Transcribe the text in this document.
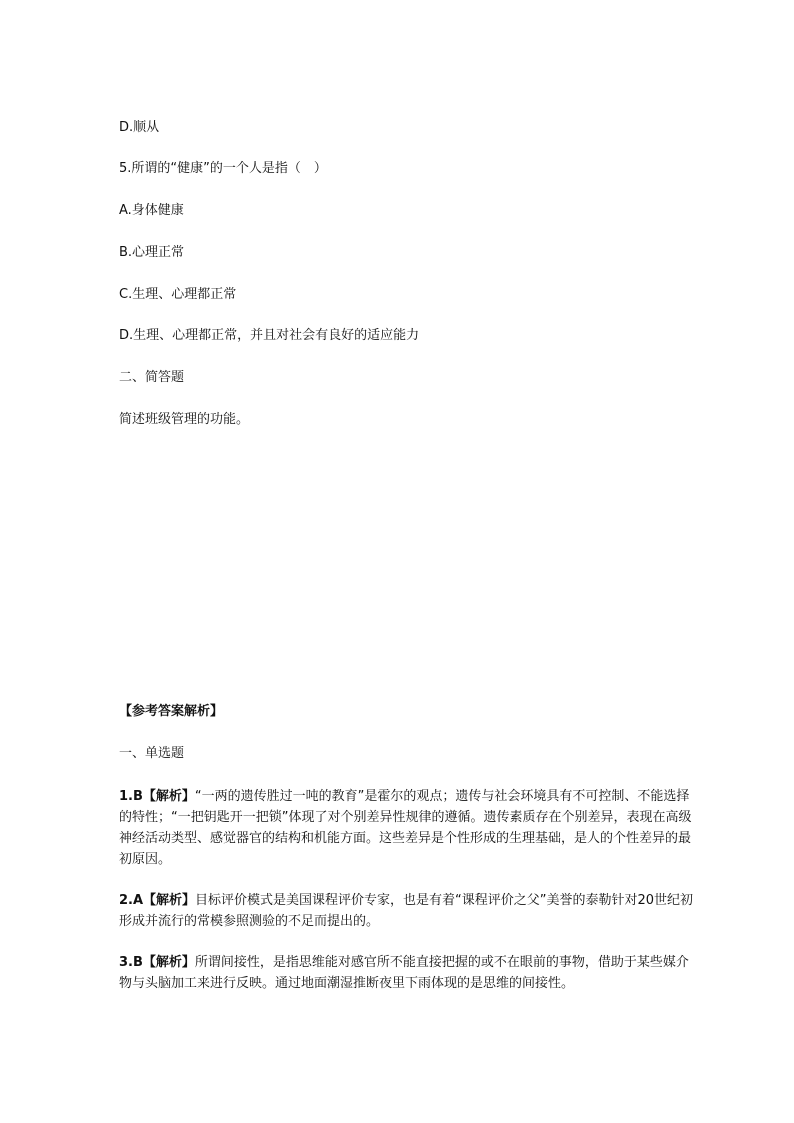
D.顺从
5.所谓的“健康”的一个人是指（　）
A.身体健康
B.心理正常
C.生理、心理都正常
D.生理、心理都正常，并且对社会有良好的适应能力
二、简答题
简述班级管理的功能。
【参考答案解析】
一、单选题
1.B【解析】“一两的遗传胜过一吨的教育”是霍尔的观点；遗传与社会环境具有不可控制、不能选择的特性；“一把钥匙开一把锁”体现了对个别差异性规律的遵循。遗传素质存在个别差异，表现在高级神经活动类型、感觉器官的结构和机能方面。这些差异是个性形成的生理基础，是人的个性差异的最初原因。
2.A【解析】目标评价模式是美国课程评价专家，也是有着“课程评价之父”美誉的泰勒针对20世纪初形成并流行的常模参照测验的不足而提出的。
3.B【解析】所谓间接性，是指思维能对感官所不能直接把握的或不在眼前的事物，借助于某些媒介物与头脑加工来进行反映。通过地面潮湿推断夜里下雨体现的是思维的间接性。
